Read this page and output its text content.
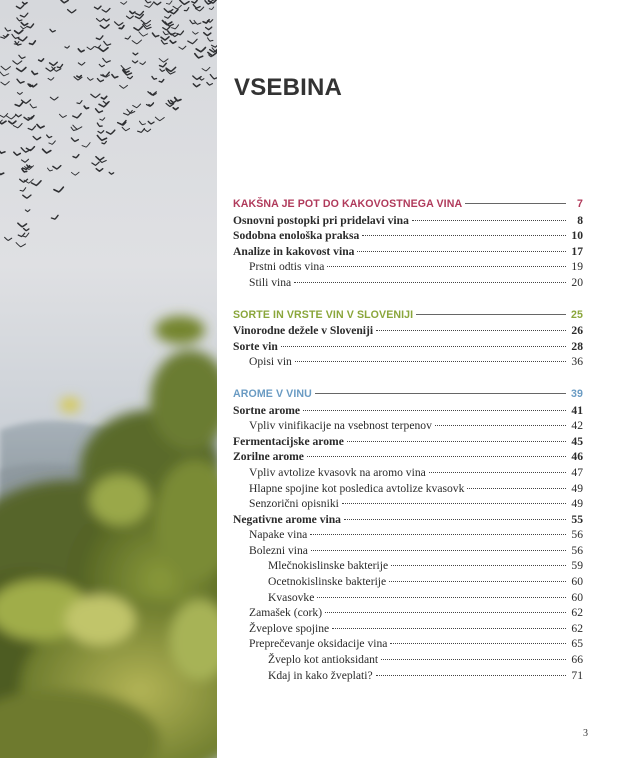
VSEBINA
KAKŠNA JE POT DO KAKOVOSTNEGA VINA	7
Osnovni postopki pri pridelavi vina	8
Sodobna enološka praksa	10
Analize in kakovost vina	17
Prstni odtis vina	19
Stili vina	20
SORTE IN VRSTE VIN V SLOVENIJI	25
Vinorodne dežele v Sloveniji	26
Sorte vin	28
Opisi vin	36
AROME V VINU	39
Sortne arome	41
Vpliv vinifikacije na vsebnost terpenov	42
Fermentacijske arome	45
Zorilne arome	46
Vpliv avtolize kvasovk na aromo vina	47
Hlapne spojine kot posledica avtolize kvasovk	49
Senzorični opisniki	49
Negativne arome vina	55
Napake vina	56
Bolezni vina	56
Mlečnokislinske bakterije	59
Ocetnokislinske bakterije	60
Kvasovke	60
Zamašek (cork)	62
Žveplove spojine	62
Preprečevanje oksidacije vina	65
Žveplo kot antioksidant	66
Kdaj in kako žveplati?	71
3
